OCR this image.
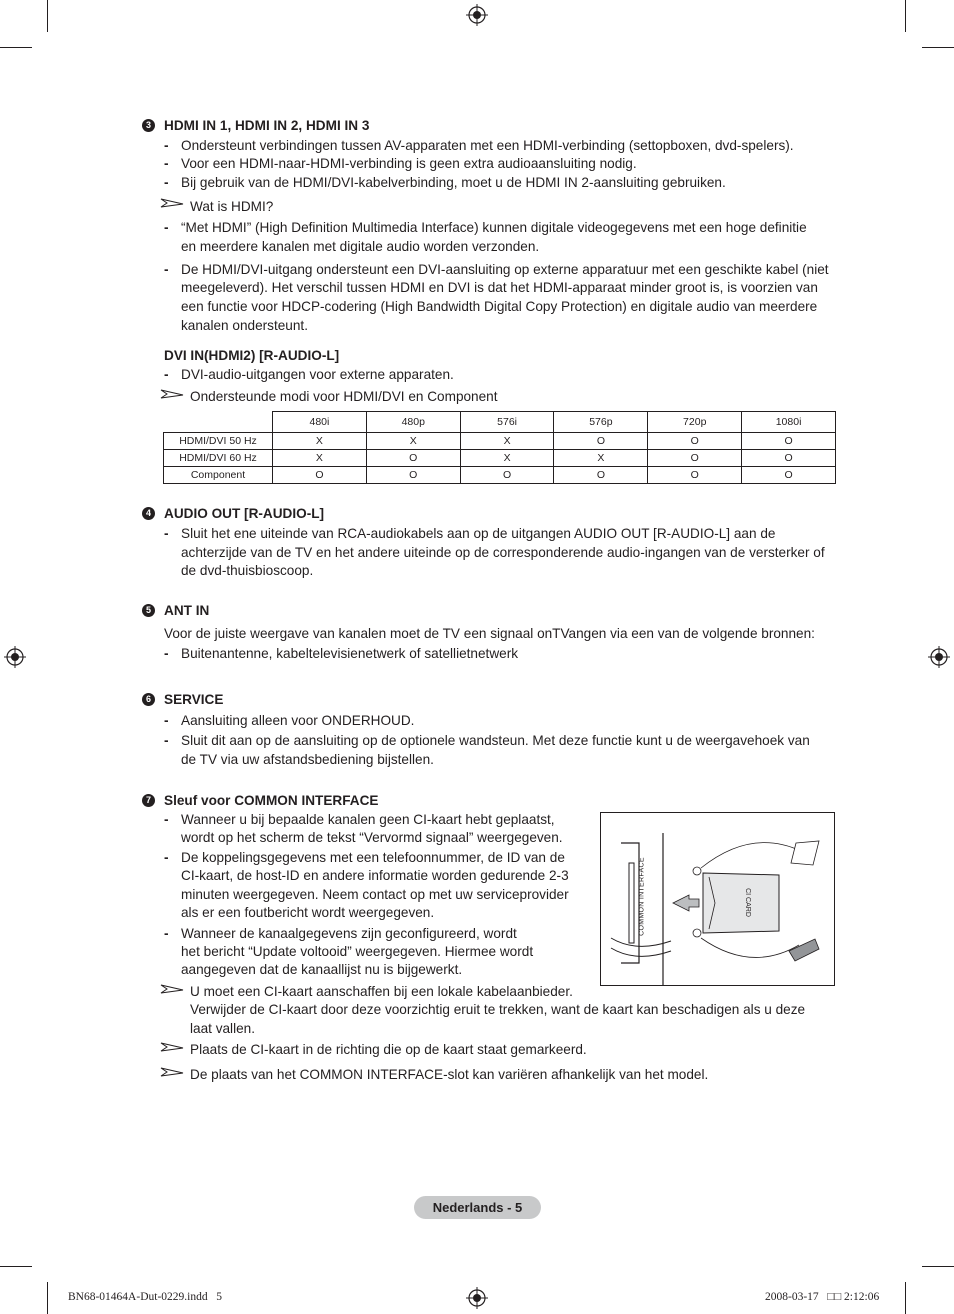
3 HDMI IN 1, HDMI IN 2, HDMI IN 3
- Ondersteunt verbindingen tussen AV-apparaten met een HDMI-verbinding (settopboxen, dvd-spelers).
- Voor een HDMI-naar-HDMI-verbinding is geen extra audioaansluiting nodig.
- Bij gebruik van de HDMI/DVI-kabelverbinding, moet u de HDMI IN 2-aansluiting gebruiken.
Wat is HDMI?
- “Met HDMI” (High Definition Multimedia Interface) kunnen digitale videogegevens met een hoge definitie
en meerdere kanalen met digitale audio worden verzonden.
- De HDMI/DVI-uitgang ondersteunt een DVI-aansluiting op externe apparatuur met een geschikte kabel (niet
meegeleverd). Het verschil tussen HDMI en DVI is dat het HDMI-apparaat minder groot is, is voorzien van
een functie voor HDCP-codering (High Bandwidth Digital Copy Protection) en digitale audio van meerdere
kanalen ondersteunt.
DVI IN(HDMI2) [R-AUDIO-L]
- DVI-audio-uitgangen voor externe apparaten.
Ondersteunde modi voor HDMI/DVI en Component
	480i	480p	576i	576p	720p	1080i
HDMI/DVI 50 Hz	X	X	X	O	O	O
HDMI/DVI 60 Hz	X	O	X	X	O	O
Component	O	O	O	O	O	O
4 AUDIO OUT [R-AUDIO-L]
- Sluit het ene uiteinde van RCA-audiokabels aan op de uitgangen AUDIO OUT [R-AUDIO-L] aan de
achterzijde van de TV en het andere uiteinde op de corresponderende audio-ingangen van de versterker of
de dvd-thuisbioscoop.
5 ANT IN
Voor de juiste weergave van kanalen moet de TV een signaal onTVangen via een van de volgende bronnen:
- Buitenantenne, kabeltelevisienetwerk of satellietnetwerk
6 SERVICE
- Aansluiting alleen voor ONDERHOUD.
- Sluit dit aan op de aansluiting op de optionele wandsteun. Met deze functie kunt u de weergavehoek van
de TV via uw afstandsbediening bijstellen.
7 Sleuf voor COMMON INTERFACE
- Wanneer u bij bepaalde kanalen geen CI-kaart hebt geplaatst,
wordt op het scherm de tekst “Vervormd signaal” weergegeven.
- De koppelingsgegevens met een telefoonnummer, de ID van de
CI-kaart, de host-ID en andere informatie worden gedurende 2-3
minuten weergegeven. Neem contact op met uw serviceprovider
als er een foutbericht wordt weergegeven.
- Wanneer de kanaalgegevens zijn geconfigureerd, wordt
het bericht “Update voltooid” weergegeven. Hiermee wordt
aangegeven dat de kanaallijst nu is bijgewerkt.
COMMON INTERFACE	CI CARD
U moet een CI-kaart aanschaffen bij een lokale kabelaanbieder.
Verwijder de CI-kaart door deze voorzichtig eruit te trekken, want de kaart kan beschadigen als u deze
laat vallen.
Plaats de CI-kaart in de richting die op de kaart staat gemarkeerd.
De plaats van het COMMON INTERFACE-slot kan variëren afhankelijk van het model.
Nederlands - 5
BN68-01464A-Dut-0229.indd   5	2008-03-17   □□ 2:12:06
